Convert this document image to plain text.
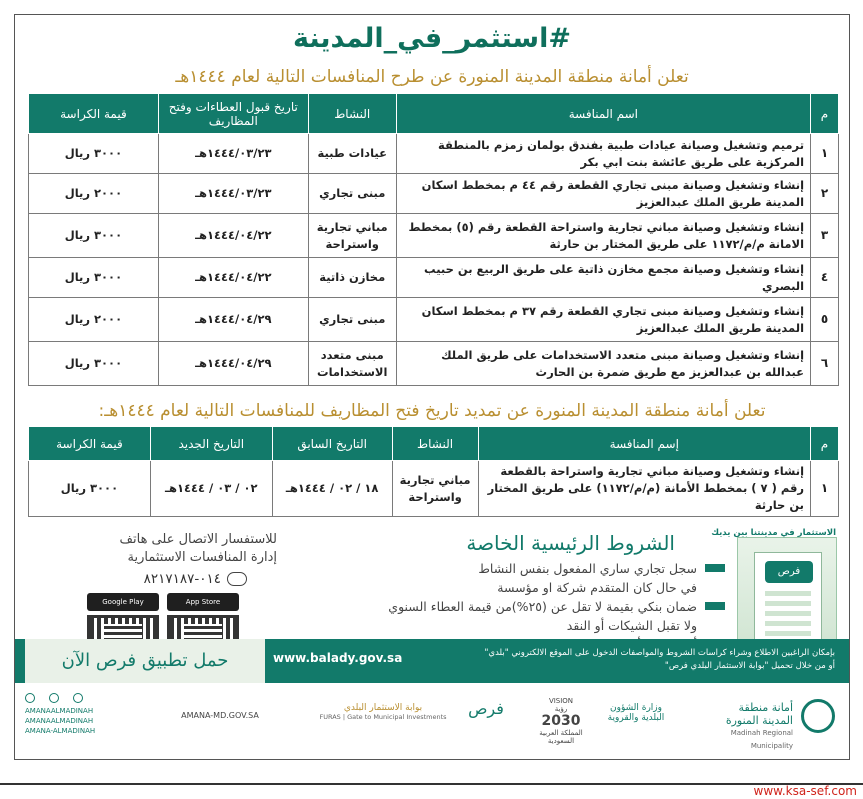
#استثمر_في_المدينة
تعلن أمانة منطقة المدينة المنورة عن طرح المنافسات التالية لعام ١٤٤٤هـ
م	اسم المنافسة	النشاط	تاريخ قبول العطاءات وفتح المظاريف	قيمة الكراسة
١	ترميم وتشغيل وصيانة عيادات طبية بفندق بولمان زمزم بالمنطقة المركزية على طريق عائشة بنت ابي بكر	عيادات طبية	١٤٤٤/٠٣/٢٣هـ	٣٠٠٠ ريال
٢	إنشاء وتشغيل وصيانة مبنى تجاري القطعة رقم ٤٤ م بمخطط اسكان المدينة طريق الملك عبدالعزيز	مبنى تجاري	١٤٤٤/٠٣/٢٣هـ	٢٠٠٠ ريال
٣	إنشاء وتشغيل وصيانة مباني تجارية واستراحة القطعة رقم (٥) بمخطط الامانة م/م/١١٧٢ على طريق المختار بن حارثة	مباني تجارية واستراحة	١٤٤٤/٠٤/٢٢هـ	٣٠٠٠ ريال
٤	إنشاء وتشغيل وصيانة مجمع مخازن ذاتية على طريق الربيع بن حبيب البصري	مخازن ذاتية	١٤٤٤/٠٤/٢٢هـ	٣٠٠٠ ريال
٥	إنشاء وتشغيل وصيانة مبنى تجاري القطعة رقم ٣٧ م بمخطط اسكان المدينة طريق الملك عبدالعزيز	مبنى تجاري	١٤٤٤/٠٤/٢٩هـ	٢٠٠٠ ريال
٦	إنشاء وتشغيل وصيانة مبنى متعدد الاستخدامات على طريق الملك عبدالله بن عبدالعزيز مع طريق ضمرة بن الحارث	مبنى متعدد الاستخدامات	١٤٤٤/٠٤/٢٩هـ	٣٠٠٠ ريال
تعلن أمانة منطقة المدينة المنورة عن تمديد تاريخ فتح المظاريف للمنافسات التالية لعام ١٤٤٤هـ:
م	إسم المنافسة	النشاط	التاريخ السابق	التاريخ الجديد	قيمة الكراسة
١	إنشاء وتشغيل وصيانة مباني تجارية واستراحة بالقطعة رقم ( ٧ ) بمخطط الأمانة (م/م/١١٧٢) على طريق المختار بن حارثة	مباني تجارية واستراحة	١٨ / ٠٢ / ١٤٤٤هـ	٠٢ / ٠٣ / ١٤٤٤هـ	٣٠٠٠ ريال
الاستثمار في مدينتنا بين يديك
فرص
الشروط الرئيسية الخاصة
سجل تجاري ساري المفعول بنفس النشاط
في حال كان المتقدم شركة او مؤسسة
ضمان بنكي بقيمة لا تقل عن (٢٥%)من قيمة العطاء السنوي
ولا تقبل الشيكات أو النقد
للاستفسار الاتصال على هاتف
إدارة المنافسات الاستثمارية
٠١٤-٨٢١٧١٨٧
Google Play	App Store
بإمكان الراغبين الاطلاع وشراء كراسات الشروط والمواصفات الدخول على الموقع الالكتروني "بلدي"
أو من خلال تحميل "بوابة الاستثمار البلدي فرص"
www.balady.gov.sa
حمل تطبيق فرص الآن
أمانة منطقة
المدينة المنورة
Madinah Regional Municipality
وزارة الشؤون
البلدية والقروية
VISION
رؤية
2030
المملكة العربية السعودية
فرص
بوابة الاستثمار البلدي
FURAS | Gate to Municipal Investments
AMANA-MD.GOV.SA
AMANAALMADINAH
AMANAALMADINAH
AMANA-ALMADINAH
www.ksa-sef.com
